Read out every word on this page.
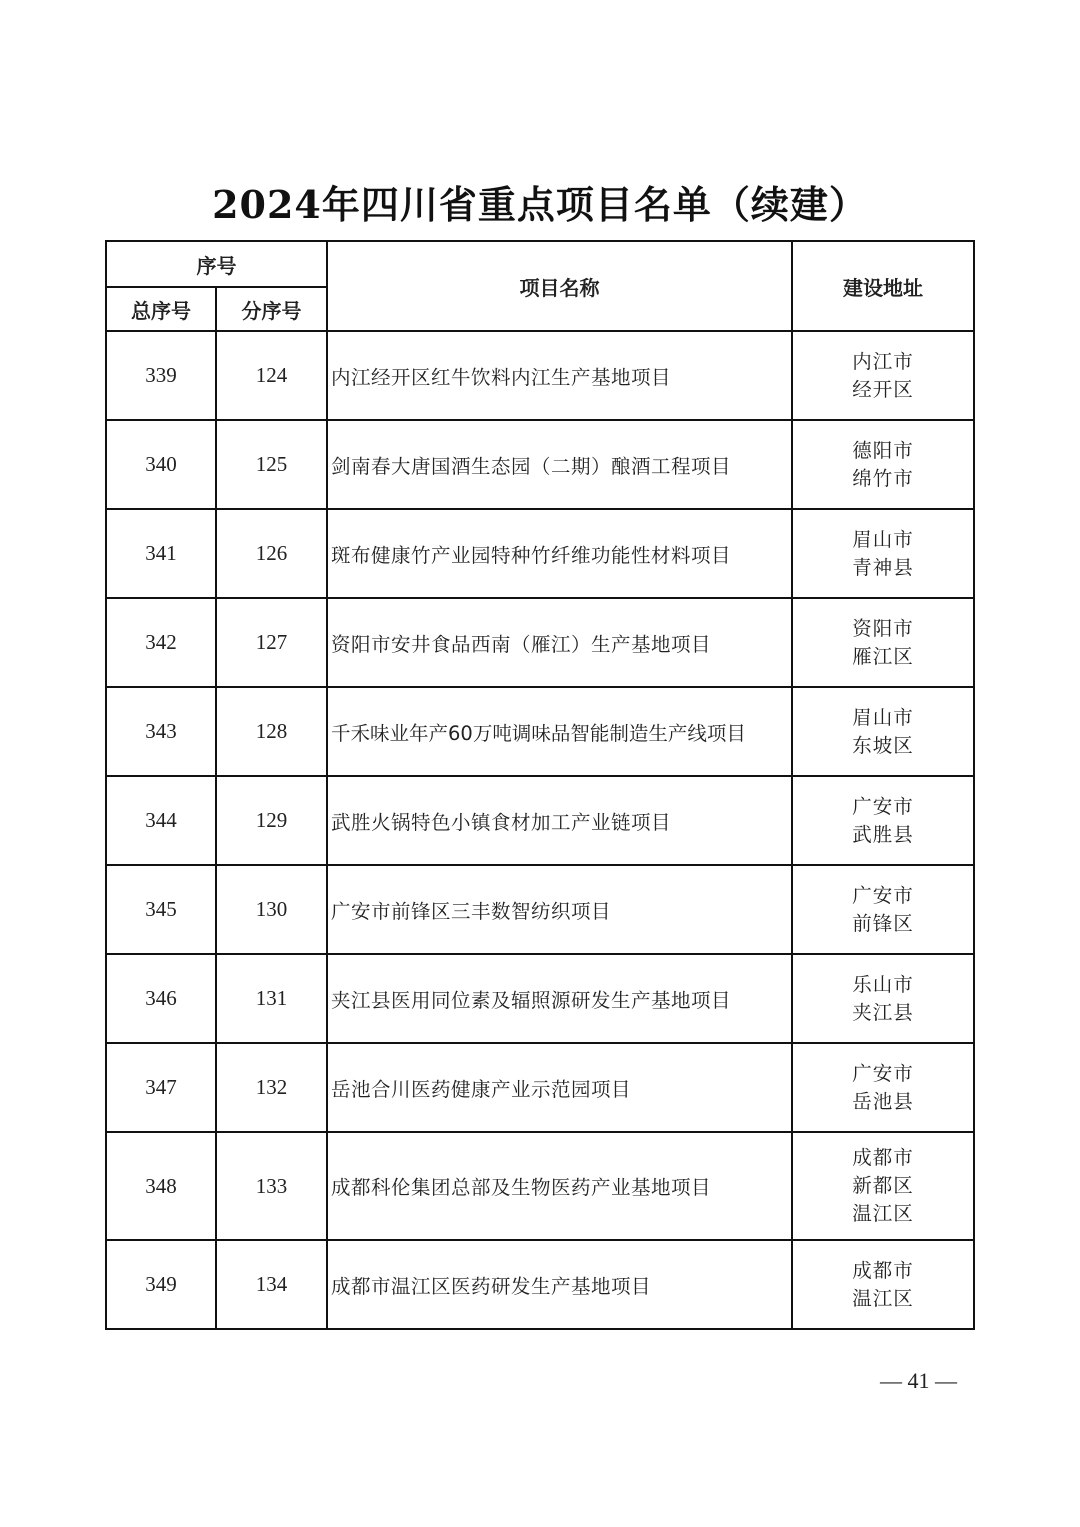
2024年四川省重点项目名单（续建）
序号		项目名称	建设地址
总序号	分序号		
339	124	内江经开区红牛饮料内江生产基地项目	内江市
经开区

340	125	剑南春大唐国酒生态园（二期）酿酒工程项目	德阳市
绵竹市

341	126	斑布健康竹产业园特种竹纤维功能性材料项目	眉山市
青神县

342	127	资阳市安井食品西南（雁江）生产基地项目	资阳市
雁江区

343	128	千禾味业年产60万吨调味品智能制造生产线项目	眉山市
东坡区

344	129	武胜火锅特色小镇食材加工产业链项目	广安市
武胜县

345	130	广安市前锋区三丰数智纺织项目	广安市
前锋区

346	131	夹江县医用同位素及辐照源研发生产基地项目	乐山市
夹江县

347	132	岳池合川医药健康产业示范园项目	广安市
岳池县

348	133	成都科伦集团总部及生物医药产业基地项目	成都市
新都区
温江区

349	134	成都市温江区医药研发生产基地项目	成都市
温江区
— 41 —
